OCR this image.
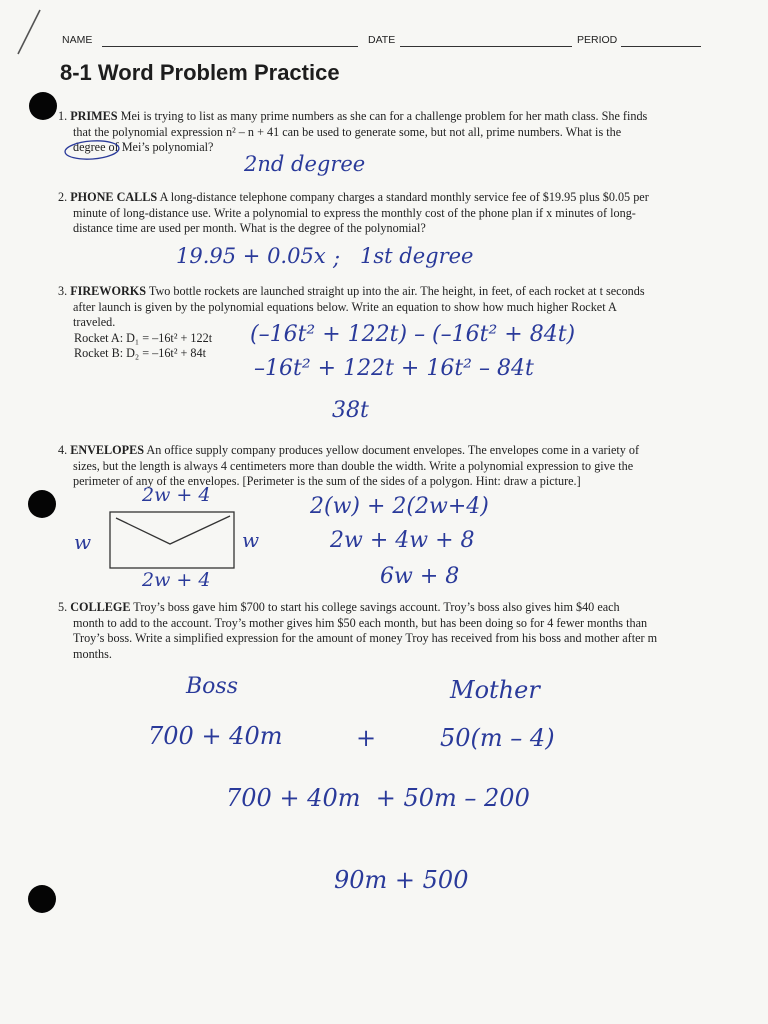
NAME	DATE	PERIOD
8-1 Word Problem Practice
1. PRIMES Mei is trying to list as many prime numbers as she can for a challenge problem for her math class. She finds
that the polynomial expression n² – n + 41 can be used to generate some, but not all, prime numbers. What is the
degree of Mei’s polynomial?
2nd degree
2. PHONE CALLS A long-distance telephone company charges a standard monthly service fee of $19.95 plus $0.05 per
minute of long-distance use. Write a polynomial to express the monthly cost of the phone plan if x minutes of long-
distance time are used per month. What is the degree of the polynomial?
19.95 + 0.05x ; 1st degree
3. FIREWORKS Two bottle rockets are launched straight up into the air. The height, in feet, of each rocket at t seconds
after launch is given by the polynomial equations below. Write an equation to show how much higher Rocket A
traveled.
Rocket A: D₁ = –16t² + 122t
Rocket B: D₂ = –16t² + 84t
(–16t² + 122t) – (–16t² + 84t)
–16t² + 122t + 16t² – 84t
38t
4. ENVELOPES An office supply company produces yellow document envelopes. The envelopes come in a variety of
sizes, but the length is always 4 centimeters more than double the width. Write a polynomial expression to give the
perimeter of any of the envelopes. [Perimeter is the sum of the sides of a polygon. Hint: draw a picture.]
2w + 4
2w + 4
w	w
2(w) + 2(2w+4)
2w + 4w + 8
6w + 8
5. COLLEGE Troy’s boss gave him $700 to start his college savings account. Troy’s boss also gives him $40 each
month to add to the account. Troy’s mother gives him $50 each month, but has been doing so for 4 fewer months than
Troy’s boss. Write a simplified expression for the amount of money Troy has received from his boss and mother after m
months.
Boss	Mother
700 + 40m	+	50(m – 4)
700 + 40m  + 50m – 200
90m + 500
